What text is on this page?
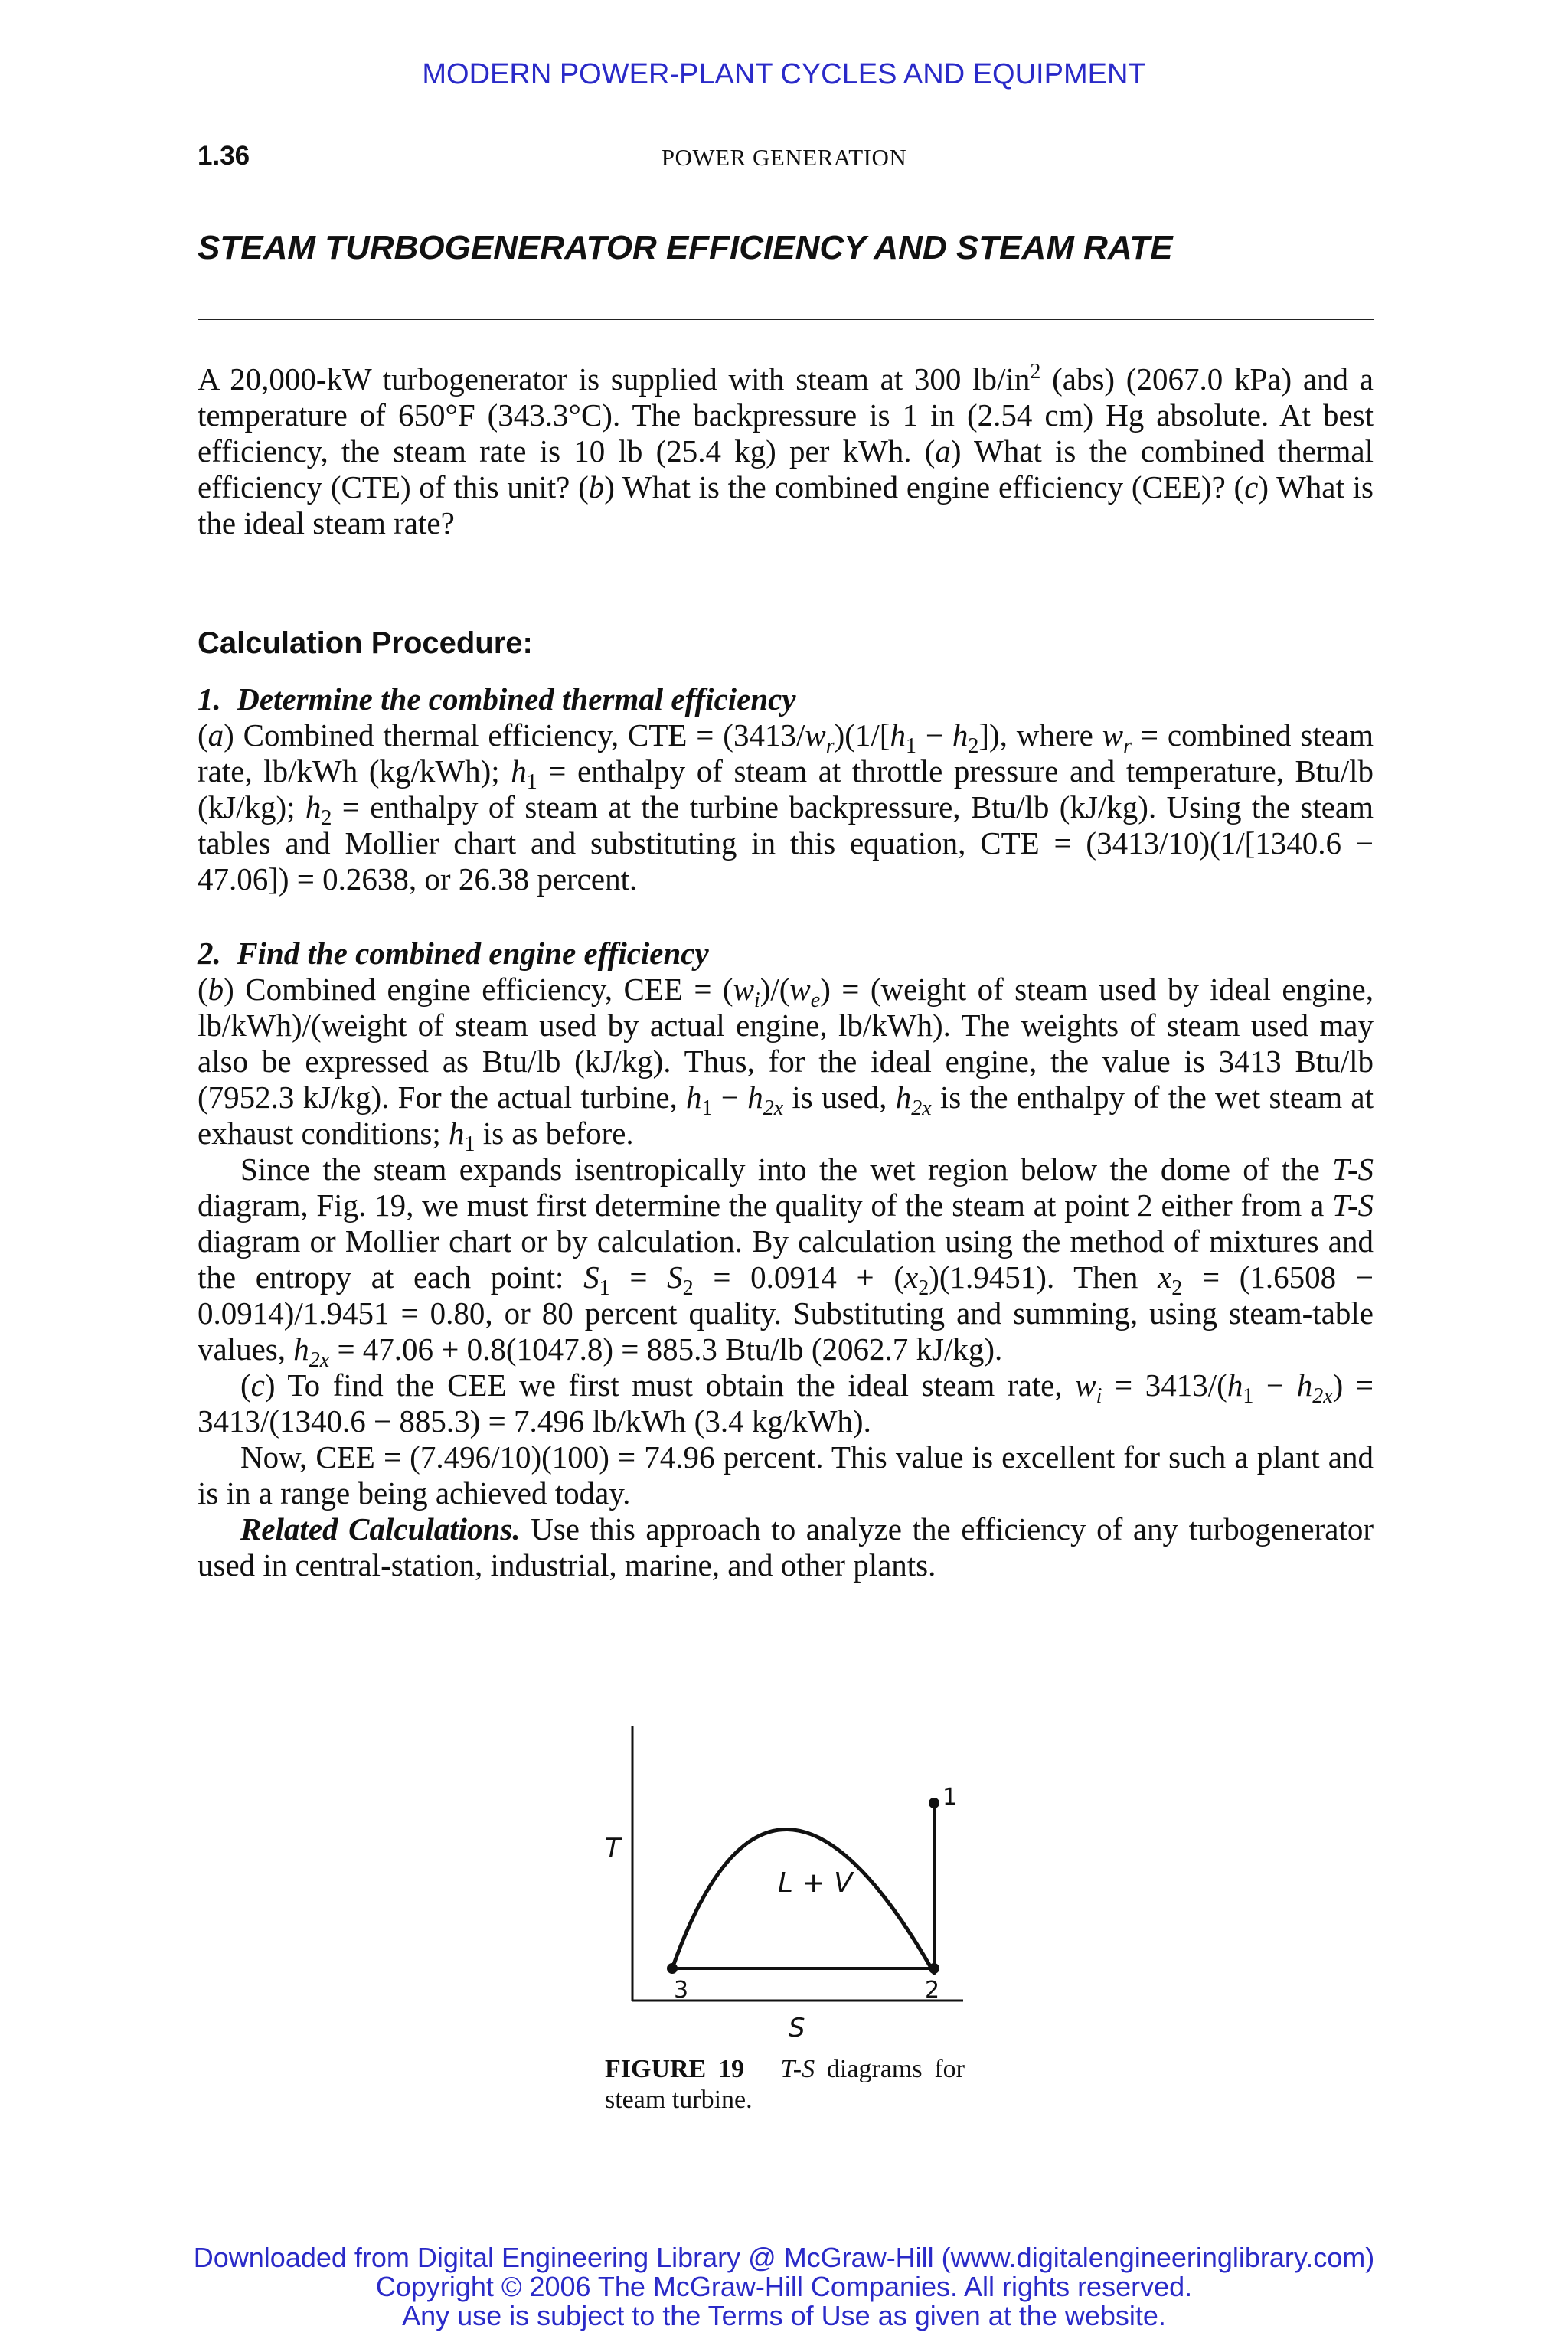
MODERN POWER-PLANT CYCLES AND EQUIPMENT
1.36	POWER GENERATION
STEAM TURBOGENERATOR EFFICIENCY AND STEAM RATE

A 20,000-kW turbogenerator is supplied with steam at 300 $lb/in^2$ (abs) (2067.0 kPa) and a temperature of 650°F (343.3°C). The backpressure is 1 in (2.54 cm) Hg absolute. At best efficiency, the steam rate is 10 lb (25.4 kg) per kWh. (a) What is the combined thermal efficiency (CTE) of this unit? (b) What is the combined engine efficiency (CEE)? (c) What is the ideal steam rate?

Calculation Procedure:

1. Determine the combined thermal efficiency

(a) Combined thermal efficiency, CTE = $(3413/w_r)(1/[h_1 - h_2])$, where $w_r$ = combined steam rate, lb/kWh (kg/kWh); $h_1$ = enthalpy of steam at throttle pressure and temperature, Btu/lb (kJ/kg); $h_2$ = enthalpy of steam at the turbine backpressure, Btu/lb (kJ/kg). Using the steam tables and Mollier chart and substituting in this equation, CTE = (3413/10)(1/[1340.6 − 47.06]) = 0.2638, or 26.38 percent.

2. Find the combined engine efficiency

(b) Combined engine efficiency, CEE = $(w_i)/(w_e)$ = (weight of steam used by ideal engine, lb/kWh)/(weight of steam used by actual engine, lb/kWh). The weights of steam used may also be expressed as Btu/lb (kJ/kg). Thus, for the ideal engine, the value is 3413 Btu/lb (7952.3 kJ/kg). For the actual turbine, $h_1 - h_{2x}$ is used, $h_{2x}$ is the enthalpy of the wet steam at exhaust conditions; $h_1$ is as before.

Since the steam expands isentropically into the wet region below the dome of the T-S diagram, Fig. 19, we must first determine the quality of the steam at point 2 either from a T-S diagram or Mollier chart or by calculation. By calculation using the method of mixtures and the entropy at each point: $S_1 = S_2 = 0.0914 + (x_2)(1.9451)$. Then $x_2 = (1.6508 - 0.0914)/1.9451 = 0.80$, or 80 percent quality. Substituting and summing, using steam-table values, $h_{2x} = 47.06 + 0.8(1047.8) = 885.3$ Btu/lb (2062.7 kJ/kg).

(c) To find the CEE we first must obtain the ideal steam rate, $w_i = 3413/(h_1 - h_{2x}) = 3413/(1340.6 - 885.3) = 7.496$ lb/kWh (3.4 kg/kWh).

Now, CEE = (7.496/10)(100) = 74.96 percent. This value is excellent for such a plant and is in a range being achieved today.

Related Calculations. Use this approach to analyze the efficiency of any turbogenerator used in central-station, industrial, marine, and other plants.

T
S
L + V
1
2
3

FIGURE 19 T-S diagrams for steam turbine.

Downloaded from Digital Engineering Library @ McGraw-Hill (www.digitalengineeringlibrary.com)
Copyright © 2006 The McGraw-Hill Companies. All rights reserved.
Any use is subject to the Terms of Use as given at the website.
